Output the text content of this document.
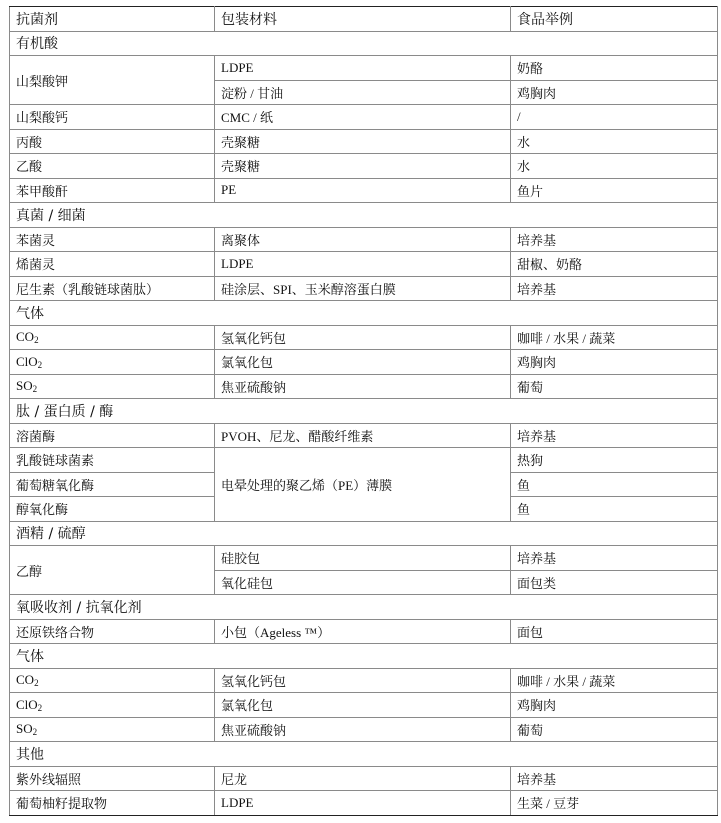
抗菌剂	包装材料	食品举例
有机酸		
山梨酸钾	LDPE	奶酪
	淀粉 / 甘油	鸡胸肉
山梨酸钙	CMC / 纸	/
丙酸	壳聚糖	水
乙酸	壳聚糖	水
苯甲酸酐	PE	鱼片
真菌 / 细菌		
苯菌灵	离聚体	培养基
烯菌灵	LDPE	甜椒、奶酪
尼生素（乳酸链球菌肽）	硅涂层、SPI、玉米醇溶蛋白膜	培养基
气体		
$CO_2$	氢氧化钙包	咖啡 / 水果 / 蔬菜
ClO$_2$	氯氧化包	鸡胸肉
$SO_2$	焦亚硫酸钠	葡萄
肽 / 蛋白质 / 酶		
溶菌酶	PVOH、尼龙、醋酸纤维素	培养基
乳酸链球菌素	电晕处理的聚乙烯（PE）薄膜	热狗
葡萄糖氧化酶		鱼
醇氧化酶		鱼
酒精 / 硫醇		
乙醇	硅胶包	培养基
	氧化硅包	面包类
氧吸收剂 / 抗氧化剂		
还原铁络合物	小包（Ageless ™）	面包
气体		
$CO_2$	氢氧化钙包	咖啡 / 水果 / 蔬菜
ClO$_2$	氯氧化包	鸡胸肉
$SO_2$	焦亚硫酸钠	葡萄
其他		
紫外线辐照	尼龙	培养基
葡萄柚籽提取物	LDPE	生菜 / 豆芽
